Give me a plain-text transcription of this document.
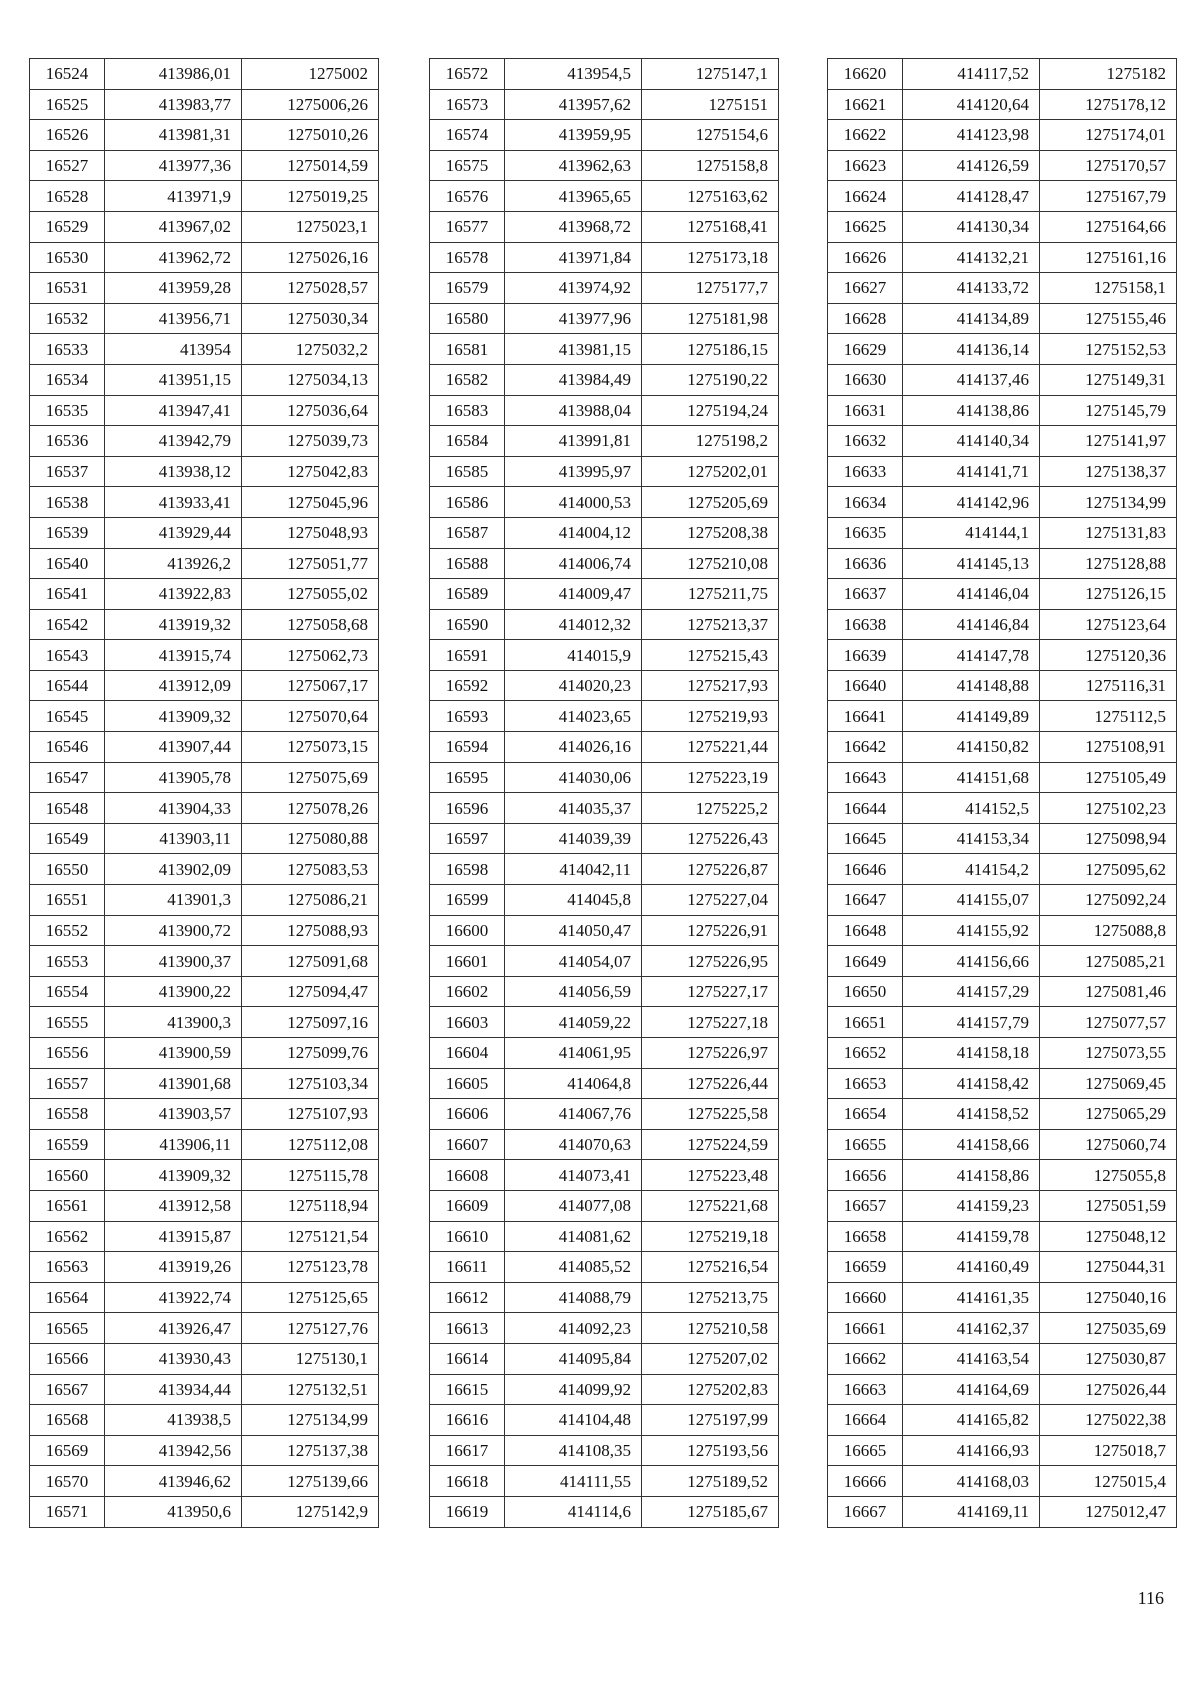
16524	413986,01	1275002
16525	413983,77	1275006,26
16526	413981,31	1275010,26
16527	413977,36	1275014,59
16528	413971,9	1275019,25
16529	413967,02	1275023,1
16530	413962,72	1275026,16
16531	413959,28	1275028,57
16532	413956,71	1275030,34
16533	413954	1275032,2
16534	413951,15	1275034,13
16535	413947,41	1275036,64
16536	413942,79	1275039,73
16537	413938,12	1275042,83
16538	413933,41	1275045,96
16539	413929,44	1275048,93
16540	413926,2	1275051,77
16541	413922,83	1275055,02
16542	413919,32	1275058,68
16543	413915,74	1275062,73
16544	413912,09	1275067,17
16545	413909,32	1275070,64
16546	413907,44	1275073,15
16547	413905,78	1275075,69
16548	413904,33	1275078,26
16549	413903,11	1275080,88
16550	413902,09	1275083,53
16551	413901,3	1275086,21
16552	413900,72	1275088,93
16553	413900,37	1275091,68
16554	413900,22	1275094,47
16555	413900,3	1275097,16
16556	413900,59	1275099,76
16557	413901,68	1275103,34
16558	413903,57	1275107,93
16559	413906,11	1275112,08
16560	413909,32	1275115,78
16561	413912,58	1275118,94
16562	413915,87	1275121,54
16563	413919,26	1275123,78
16564	413922,74	1275125,65
16565	413926,47	1275127,76
16566	413930,43	1275130,1
16567	413934,44	1275132,51
16568	413938,5	1275134,99
16569	413942,56	1275137,38
16570	413946,62	1275139,66
16571	413950,6	1275142,9
16572	413954,5	1275147,1
16573	413957,62	1275151
16574	413959,95	1275154,6
16575	413962,63	1275158,8
16576	413965,65	1275163,62
16577	413968,72	1275168,41
16578	413971,84	1275173,18
16579	413974,92	1275177,7
16580	413977,96	1275181,98
16581	413981,15	1275186,15
16582	413984,49	1275190,22
16583	413988,04	1275194,24
16584	413991,81	1275198,2
16585	413995,97	1275202,01
16586	414000,53	1275205,69
16587	414004,12	1275208,38
16588	414006,74	1275210,08
16589	414009,47	1275211,75
16590	414012,32	1275213,37
16591	414015,9	1275215,43
16592	414020,23	1275217,93
16593	414023,65	1275219,93
16594	414026,16	1275221,44
16595	414030,06	1275223,19
16596	414035,37	1275225,2
16597	414039,39	1275226,43
16598	414042,11	1275226,87
16599	414045,8	1275227,04
16600	414050,47	1275226,91
16601	414054,07	1275226,95
16602	414056,59	1275227,17
16603	414059,22	1275227,18
16604	414061,95	1275226,97
16605	414064,8	1275226,44
16606	414067,76	1275225,58
16607	414070,63	1275224,59
16608	414073,41	1275223,48
16609	414077,08	1275221,68
16610	414081,62	1275219,18
16611	414085,52	1275216,54
16612	414088,79	1275213,75
16613	414092,23	1275210,58
16614	414095,84	1275207,02
16615	414099,92	1275202,83
16616	414104,48	1275197,99
16617	414108,35	1275193,56
16618	414111,55	1275189,52
16619	414114,6	1275185,67
16620	414117,52	1275182
16621	414120,64	1275178,12
16622	414123,98	1275174,01
16623	414126,59	1275170,57
16624	414128,47	1275167,79
16625	414130,34	1275164,66
16626	414132,21	1275161,16
16627	414133,72	1275158,1
16628	414134,89	1275155,46
16629	414136,14	1275152,53
16630	414137,46	1275149,31
16631	414138,86	1275145,79
16632	414140,34	1275141,97
16633	414141,71	1275138,37
16634	414142,96	1275134,99
16635	414144,1	1275131,83
16636	414145,13	1275128,88
16637	414146,04	1275126,15
16638	414146,84	1275123,64
16639	414147,78	1275120,36
16640	414148,88	1275116,31
16641	414149,89	1275112,5
16642	414150,82	1275108,91
16643	414151,68	1275105,49
16644	414152,5	1275102,23
16645	414153,34	1275098,94
16646	414154,2	1275095,62
16647	414155,07	1275092,24
16648	414155,92	1275088,8
16649	414156,66	1275085,21
16650	414157,29	1275081,46
16651	414157,79	1275077,57
16652	414158,18	1275073,55
16653	414158,42	1275069,45
16654	414158,52	1275065,29
16655	414158,66	1275060,74
16656	414158,86	1275055,8
16657	414159,23	1275051,59
16658	414159,78	1275048,12
16659	414160,49	1275044,31
16660	414161,35	1275040,16
16661	414162,37	1275035,69
16662	414163,54	1275030,87
16663	414164,69	1275026,44
16664	414165,82	1275022,38
16665	414166,93	1275018,7
16666	414168,03	1275015,4
16667	414169,11	1275012,47
116
